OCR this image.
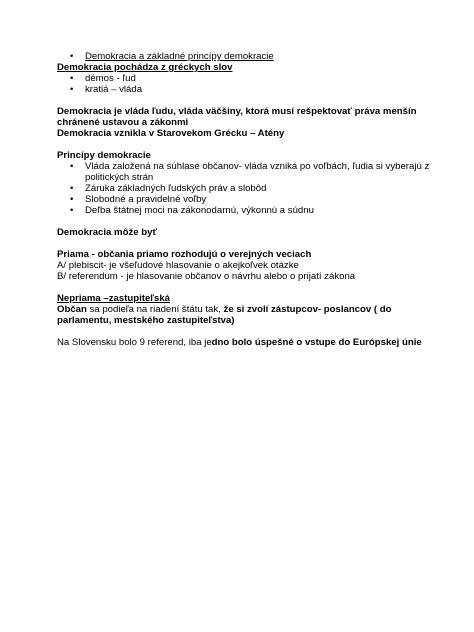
• Demokracia a základné princípy demokracie

Demokracia pochádza z gréckych slov

• démos - ľud
• kratiá – vláda

Demokracia je vláda ľudu, vláda väčšiny, ktorá musí rešpektovať práva menšín

chránené ustavou a zákonmi

Demokracia vznikla v Starovekom Grécku – Atény

Princípy demokracie

• Vláda založená na súhlase občanov- vláda vzniká po voľbách, ľudia si vyberajú z politických strán
• Záruka základných ľudských práv a slobôd
• Slobodné a pravidelné voľby
• Deľba štátnej moci na zákonodarnú, výkonnú a súdnu

Demokracia môže byť

Priama - občania priamo rozhodujú o verejných veciach

A/ plebiscit- je všeľudové hlasovanie o akejkoľvek otázke

B/ referendum - je hlasovanie občanov o návrhu alebo o prijatí zákona

Nepriama –zastupiteľská

Občan sa podieľa na riadení štátu tak, že si zvolí zástupcov- poslancov ( do parlamentu, mestského zastupiteľstva)

Na Slovensku bolo 9 referend, iba jedno bolo úspešné o vstupe do Európskej únie
